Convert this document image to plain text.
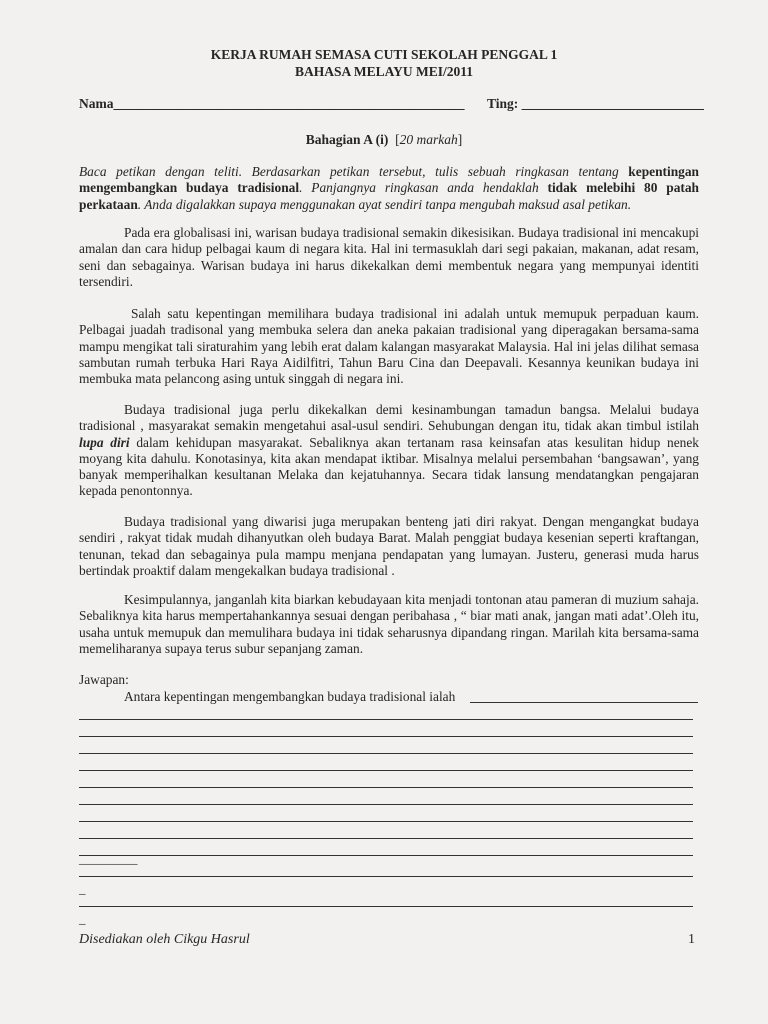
KERJA RUMAH SEMASA CUTI SEKOLAH PENGGAL 1
BAHASA MELAYU MEI/2011
Nama____________________________________________________ Ting: ___________________________
Bahagian A (i) [20 markah]

Baca petikan dengan teliti. Berdasarkan petikan tersebut, tulis sebuah ringkasan tentang kepentingan mengembangkan budaya tradisional. Panjangnya ringkasan anda hendaklah tidak melebihi 80 patah perkataan. Anda digalakkan supaya menggunakan ayat sendiri tanpa mengubah maksud asal petikan.

Pada era globalisasi ini, warisan budaya tradisional semakin dikesisikan. Budaya tradisional ini mencakupi amalan dan cara hidup pelbagai kaum di negara kita. Hal ini termasuklah dari segi pakaian, makanan, adat resam, seni dan sebagainya. Warisan budaya ini harus dikekalkan demi membentuk negara yang mempunyai identiti tersendiri.

Salah satu kepentingan memilihara budaya tradisional ini adalah untuk memupuk perpaduan kaum. Pelbagai juadah tradisonal yang membuka selera dan aneka pakaian tradisional yang diperagakan bersama-sama mampu mengikat tali siraturahim yang lebih erat dalam kalangan masyarakat Malaysia. Hal ini jelas dilihat semasa sambutan rumah terbuka Hari Raya Aidilfitri, Tahun Baru Cina dan Deepavali. Kesannya keunikan budaya ini membuka mata pelancong asing untuk singgah di negara ini.

Budaya tradisional juga perlu dikekalkan demi kesinambungan tamadun bangsa. Melalui budaya tradisional , masyarakat semakin mengetahui asal-usul sendiri. Sehubungan dengan itu, tidak akan timbul istilah lupa diri dalam kehidupan masyarakat. Sebaliknya akan tertanam rasa keinsafan atas kesulitan hidup nenek moyang kita dahulu. Konotasinya, kita akan mendapat iktibar. Misalnya melalui persembahan ‘bangsawan’, yang banyak memperihalkan kesultanan Melaka dan kejatuhannya. Secara tidak lansung mendatangkan pengajaran kepada penontonnya.

Budaya tradisional yang diwarisi juga merupakan benteng jati diri rakyat. Dengan mengangkat budaya sendiri , rakyat tidak mudah dihanyutkan oleh budaya Barat. Malah penggiat budaya kesenian seperti kraftangan, tenunan, tekad dan sebagainya pula mampu menjana pendapatan yang lumayan. Justeru, generasi muda harus bertindak proaktif dalam mengekalkan budaya tradisional .

Kesimpulannya, janganlah kita biarkan kebudayaan kita menjadi tontonan atau pameran di muzium sahaja. Sebaliknya kita harus mempertahankannya sesuai dengan peribahasa , “ biar mati anak, jangan mati adat’.Oleh itu, usaha untuk memupuk dan memulihara budaya ini tidak seharusnya dipandang ringan. Marilah kita bersama-sama memeliharanya supaya terus subur sepanjang zaman.

Jawapan:
Antara kepentingan mengembangkan budaya tradisional ialah
_________
_
_
Disediakan oleh Cikgu Hasrul	1
